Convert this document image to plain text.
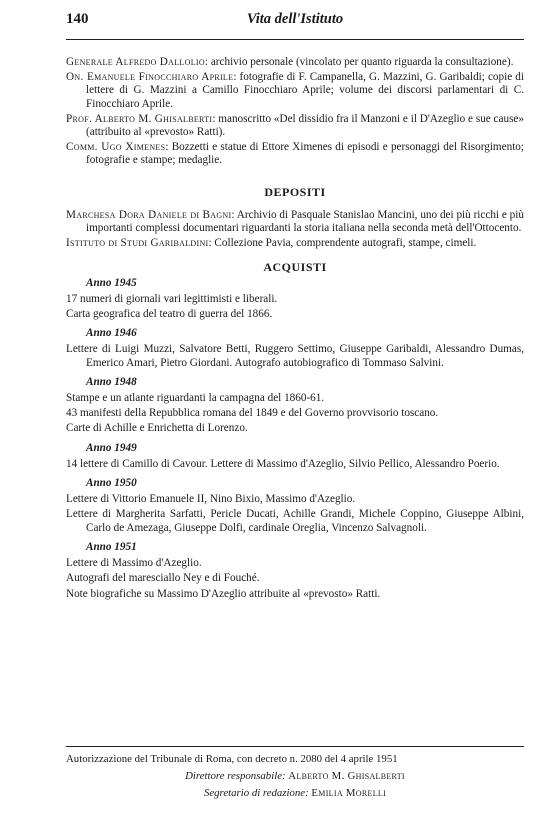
140	Vita dell'Istituto

Generale Alfredo Dallolio: archivio personale (vincolato per quanto riguarda la consultazione).

On. Emanuele Finocchiaro Aprile: fotografie di F. Campanella, G. Mazzini, G. Garibaldi; copie di lettere di G. Mazzini a Camillo Finocchiaro Aprile; volume dei discorsi parlamentari di C. Finocchiaro Aprile.

Prof. Alberto M. Ghisalberti: manoscritto «Del dissidio fra il Manzoni e il D'Azeglio e sue cause» (attribuito al «prevosto» Ratti).

Comm. Ugo Ximenes: Bozzetti e statue di Ettore Ximenes di episodi e personaggi del Risorgimento; fotografie e stampe; medaglie.

DEPOSITI

Marchesa Dora Daniele di Bagni: Archivio di Pasquale Stanislao Mancini, uno dei più ricchi e più importanti complessi documentari riguardanti la storia italiana nella seconda metà dell'Ottocento.

Istituto di Studi Garibaldini: Collezione Pavia, comprendente autografi, stampe, cimeli.

ACQUISTI

Anno 1945

17 numeri di giornali vari legittimisti e liberali.

Carta geografica del teatro di guerra del 1866.

Anno 1946

Lettere di Luigi Muzzi, Salvatore Betti, Ruggero Settimo, Giuseppe Garibaldi, Alessandro Dumas, Emerico Amari, Pietro Giordani. Autografo autobiografico di Tommaso Salvini.

Anno 1948

Stampe e un atlante riguardanti la campagna del 1860-61.

43 manifesti della Repubblica romana del 1849 e del Governo provvisorio toscano.

Carte di Achille e Enrichetta di Lorenzo.

Anno 1949

14 lettere di Camillo di Cavour. Lettere di Massimo d'Azeglio, Silvio Pellico, Alessandro Poerio.

Anno 1950

Lettere di Vittorio Emanuele II, Nino Bixio, Massimo d'Azeglio.

Lettere di Margherita Sarfatti, Pericle Ducati, Achille Grandi, Michele Coppino, Giuseppe Albini, Carlo de Amezaga, Giuseppe Dolfi, cardinale Oreglia, Vincenzo Salvagnoli.

Anno 1951

Lettere di Massimo d'Azeglio.

Autografi del maresciallo Ney e di Fouché.

Note biografiche su Massimo D'Azeglio attribuite al «prevosto» Ratti.

Autorizzazione del Tribunale di Roma, con decreto n. 2080 del 4 aprile 1951
Direttore responsabile: Alberto M. Ghisalberti
Segretario di redazione: Emilia Morelli
